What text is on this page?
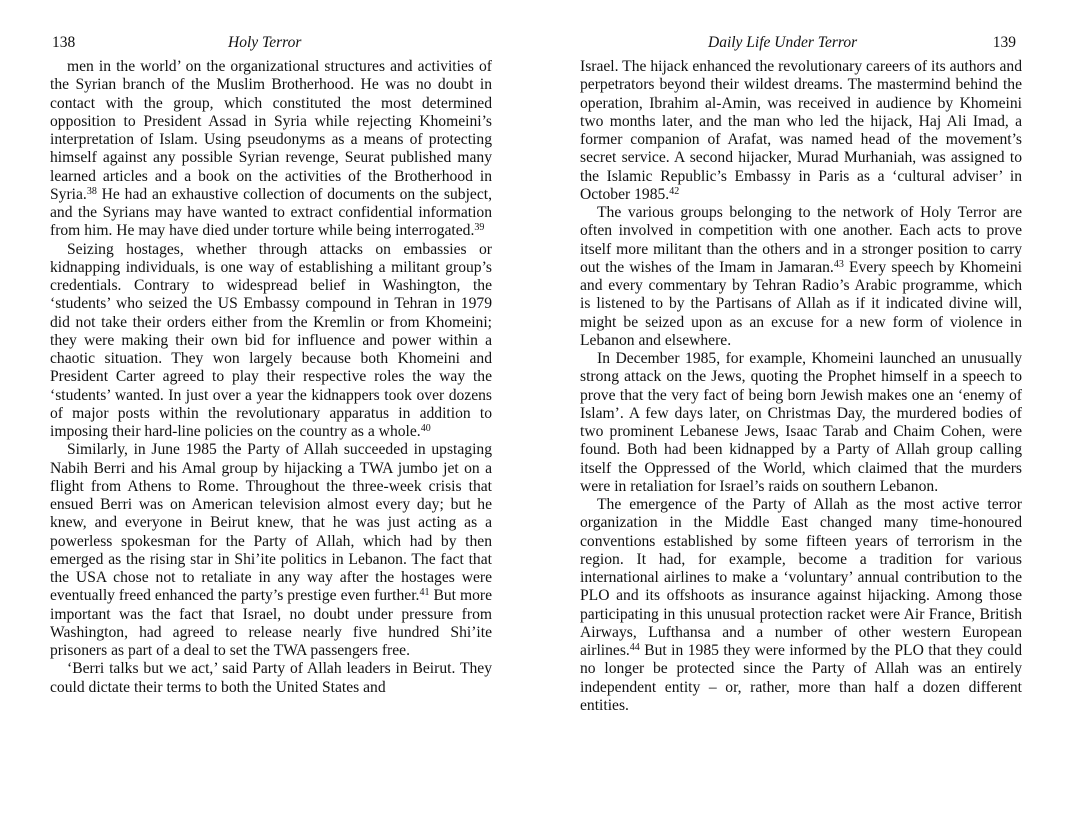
138	Holy Terror

men in the world’ on the organizational structures and activities of the Syrian branch of the Muslim Brotherhood. He was no doubt in contact with the group, which constituted the most determined opposition to President Assad in Syria while rejecting Khomeini’s interpretation of Islam. Using pseudonyms as a means of protecting himself against any possible Syrian revenge, Seurat published many learned articles and a book on the activities of the Brotherhood in Syria.$^{38}$ He had an exhaustive collection of documents on the subject, and the Syrians may have wanted to extract confidential information from him. He may have died under torture while being interrogated.$^{39}$

Seizing hostages, whether through attacks on embassies or kidnapping individuals, is one way of establishing a militant group’s credentials. Contrary to widespread belief in Washington, the ‘students’ who seized the US Embassy compound in Tehran in 1979 did not take their orders either from the Kremlin or from Khomeini; they were making their own bid for influence and power within a chaotic situation. They won largely because both Khomeini and President Carter agreed to play their respective roles the way the ‘students’ wanted. In just over a year the kidnappers took over dozens of major posts within the revolutionary apparatus in addition to imposing their hard-line policies on the country as a whole.$^{40}$

Similarly, in June 1985 the Party of Allah succeeded in upstaging Nabih Berri and his Amal group by hijacking a TWA jumbo jet on a flight from Athens to Rome. Throughout the three-week crisis that ensued Berri was on American television almost every day; but he knew, and everyone in Beirut knew, that he was just acting as a powerless spokesman for the Party of Allah, which had by then emerged as the rising star in Shi’ite politics in Lebanon. The fact that the USA chose not to retaliate in any way after the hostages were eventually freed enhanced the party’s prestige even further.$^{41}$ But more important was the fact that Israel, no doubt under pressure from Washington, had agreed to release nearly five hundred Shi’ite prisoners as part of a deal to set the TWA passengers free.

‘Berri talks but we act,’ said Party of Allah leaders in Beirut. They could dictate their terms to both the United States and

Daily Life Under Terror	139

Israel. The hijack enhanced the revolutionary careers of its authors and perpetrators beyond their wildest dreams. The mastermind behind the operation, Ibrahim al-Amin, was received in audience by Khomeini two months later, and the man who led the hijack, Haj Ali Imad, a former companion of Arafat, was named head of the movement’s secret service. A second hijacker, Murad Murhaniah, was assigned to the Islamic Republic’s Embassy in Paris as a ‘cultural adviser’ in October 1985.42

The various groups belonging to the network of Holy Terror are often involved in competition with one another. Each acts to prove itself more militant than the others and in a stronger position to carry out the wishes of the Imam in Jamaran.$^{43}$ Every speech by Khomeini and every commentary by Tehran Radio’s Arabic programme, which is listened to by the Partisans of Allah as if it indicated divine will, might be seized upon as an excuse for a new form of violence in Lebanon and elsewhere.

In December 1985, for example, Khomeini launched an unusually strong attack on the Jews, quoting the Prophet himself in a speech to prove that the very fact of being born Jewish makes one an ‘enemy of Islam’. A few days later, on Christmas Day, the murdered bodies of two prominent Lebanese Jews, Isaac Tarab and Chaim Cohen, were found. Both had been kidnapped by a Party of Allah group calling itself the Oppressed of the World, which claimed that the murders were in retaliation for Israel’s raids on southern Lebanon.

The emergence of the Party of Allah as the most active terror organization in the Middle East changed many time-honoured conventions established by some fifteen years of terrorism in the region. It had, for example, become a tradition for various international airlines to make a ‘voluntary’ annual contribution to the PLO and its offshoots as insurance against hijacking. Among those participating in this unusual protection racket were Air France, British Airways, Lufthansa and a number of other western European airlines.$^{44}$ But in 1985 they were informed by the PLO that they could no longer be protected since the Party of Allah was an entirely independent entity – or, rather, more than half a dozen different entities.
